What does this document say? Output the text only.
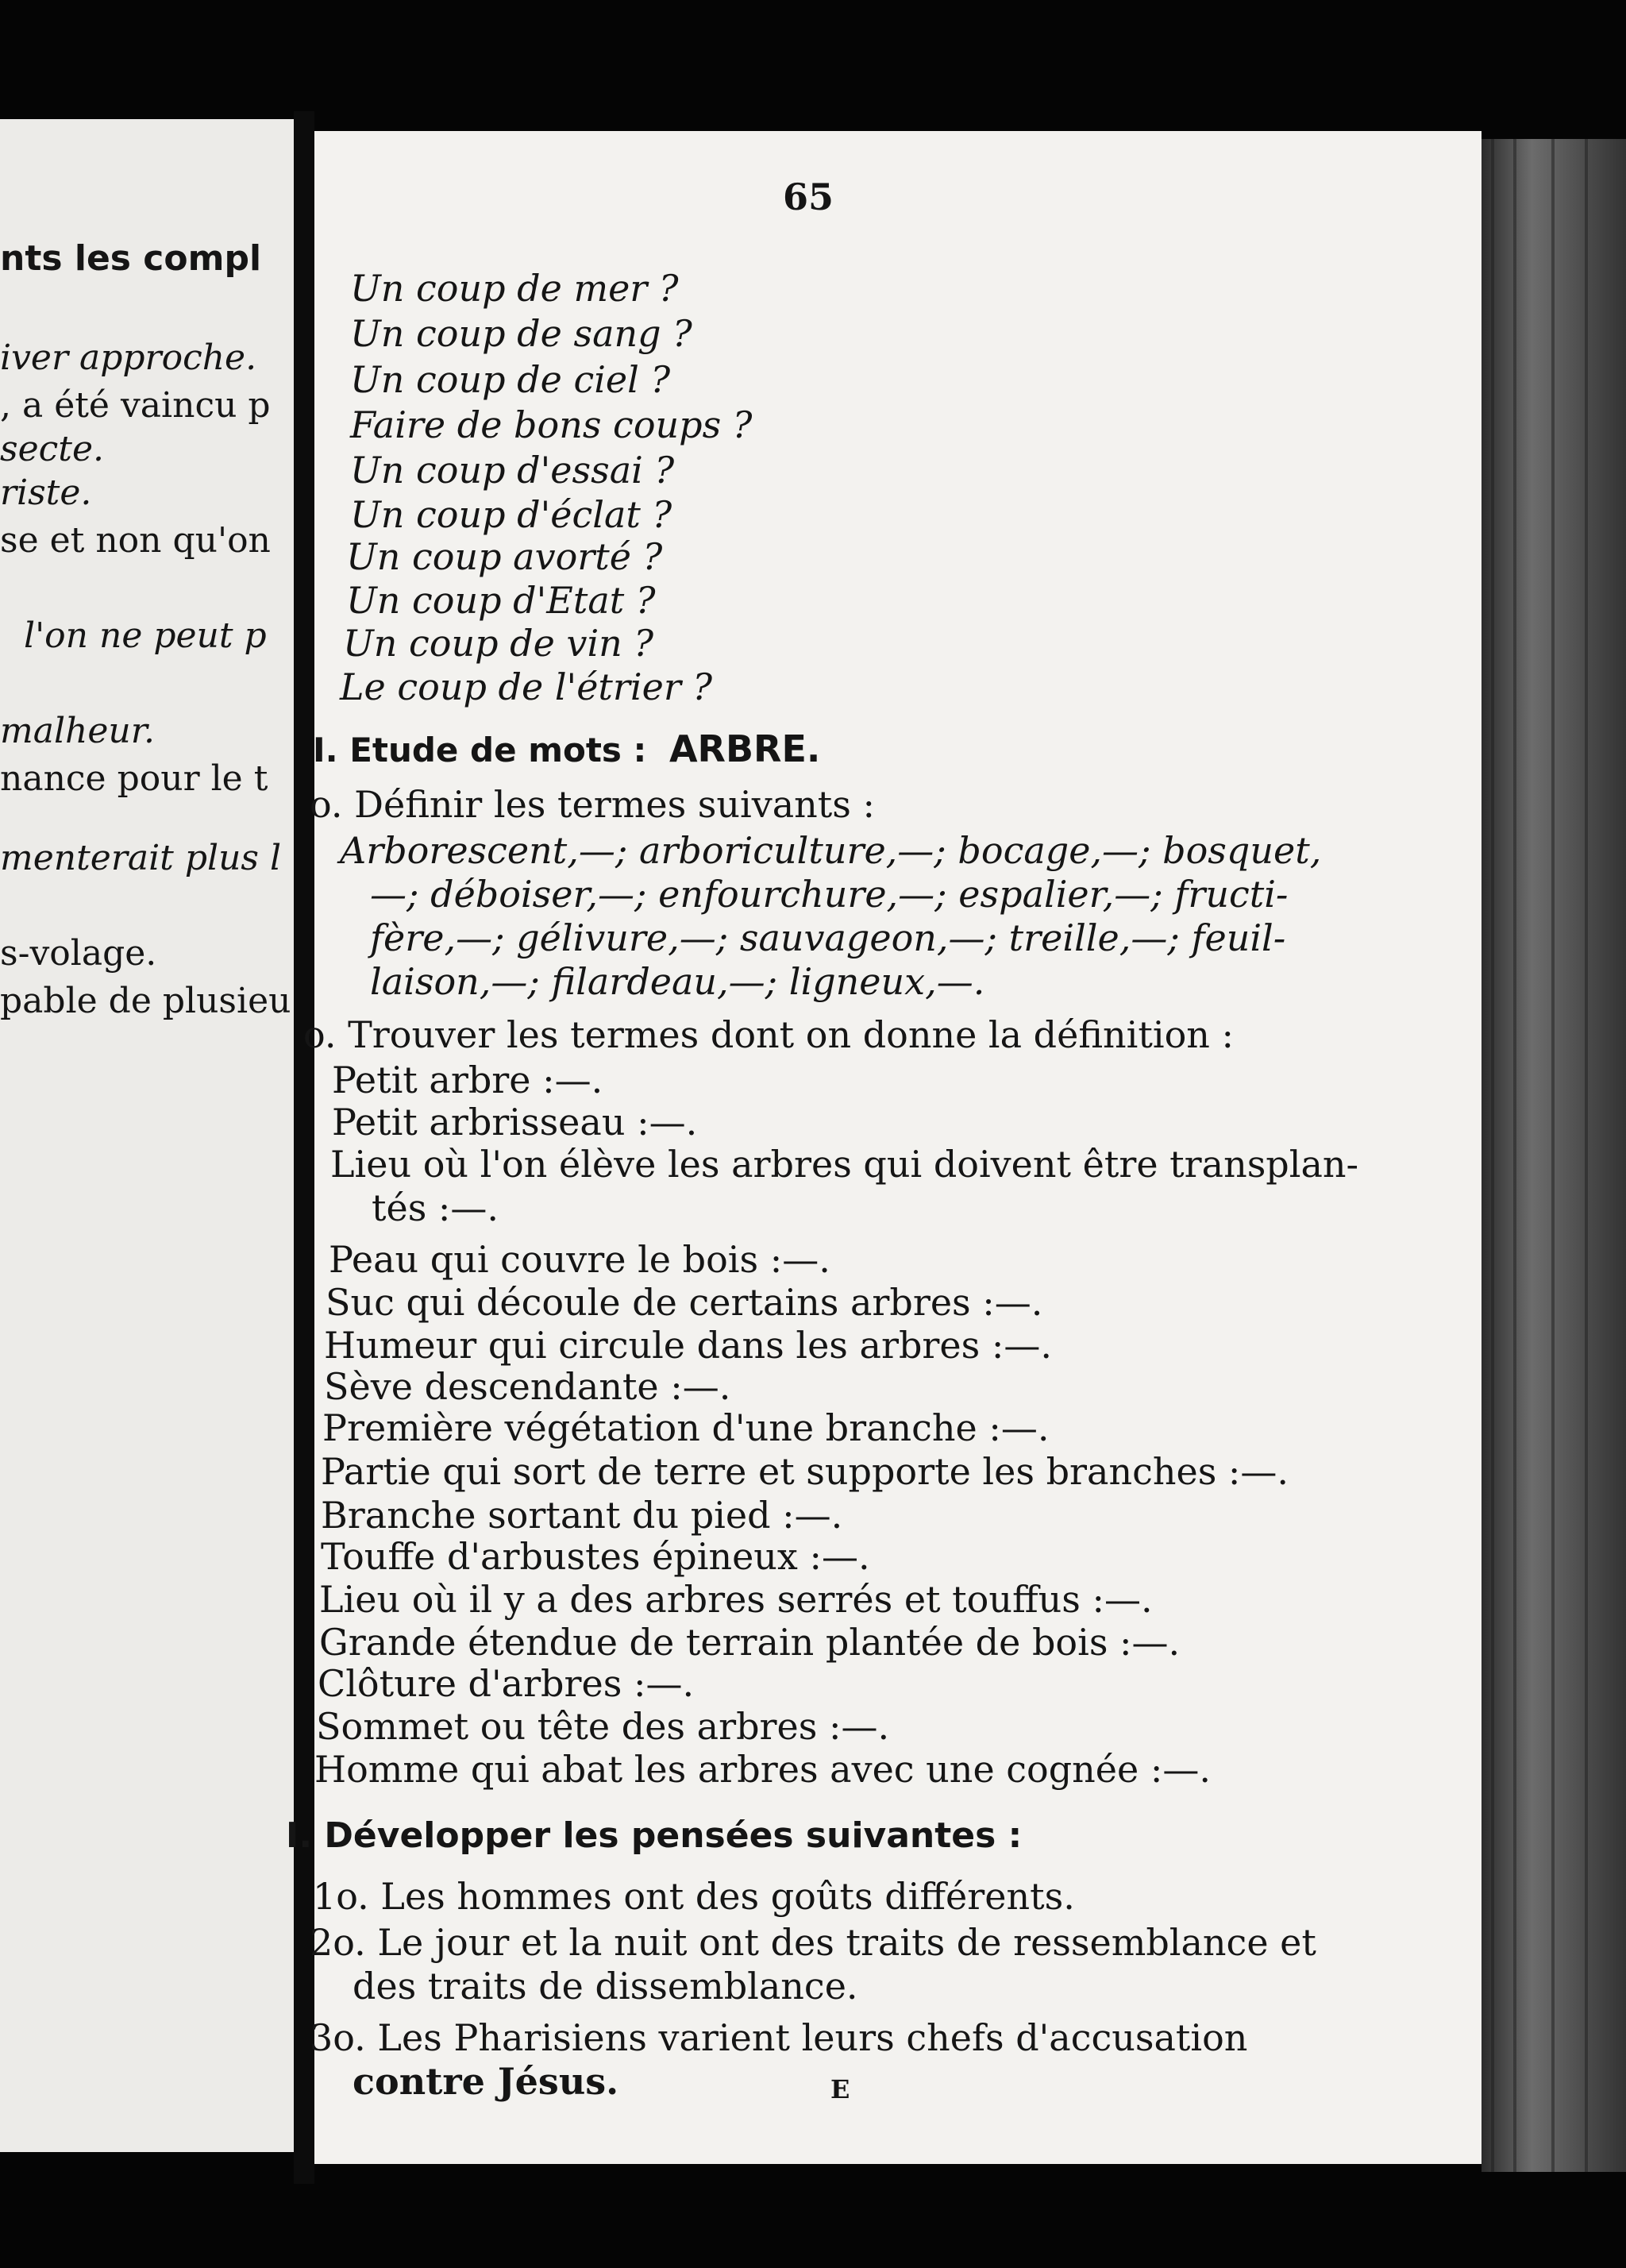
nts les compl
iver approche.
, a été vaincu p
secte.
riste.
se et non qu'on
l'on ne peut p
malheur.
nance pour le t
menterait plus l
s-volage.
pable de plusieu
65
Un coup de mer ?
Un coup de sang ?
Un coup de ciel ?
Faire de bons coups ?
Un coup d'essai ?
Un coup d'éclat ?
Un coup avorté ?
Un coup d'Etat ?
Un coup de vin ?
Le coup de l'étrier ?
I. Etude de mots : ARBRE.
o. Définir les termes suivants :
Arborescent,—; arboriculture,—; bocage,—; bosquet,
—; déboiser,—; enfourchure,—; espalier,—; fructi-
fère,—; gélivure,—; sauvageon,—; treille,—; feuil-
laison,—; filardeau,—; ligneux,—.
o. Trouver les termes dont on donne la définition :
Petit arbre :—.
Petit arbrisseau :—.
Lieu où l'on élève les arbres qui doivent être transplan-
tés :—.
Peau qui couvre le bois :—.
Suc qui découle de certains arbres :—.
Humeur qui circule dans les arbres :—.
Sève descendante :—.
Première végétation d'une branche :—.
Partie qui sort de terre et supporte les branches :—.
Branche sortant du pied :—.
Touffe d'arbustes épineux :—.
Lieu où il y a des arbres serrés et touffus :—.
Grande étendue de terrain plantée de bois :—.
Clôture d'arbres :—.
Sommet ou tête des arbres :—.
Homme qui abat les arbres avec une cognée :—.
I. Développer les pensées suivantes :
1o. Les hommes ont des goûts différents.
2o. Le jour et la nuit ont des traits de ressemblance et
des traits de dissemblance.
3o. Les Pharisiens varient leurs chefs d'accusation
contre Jésus.	E
